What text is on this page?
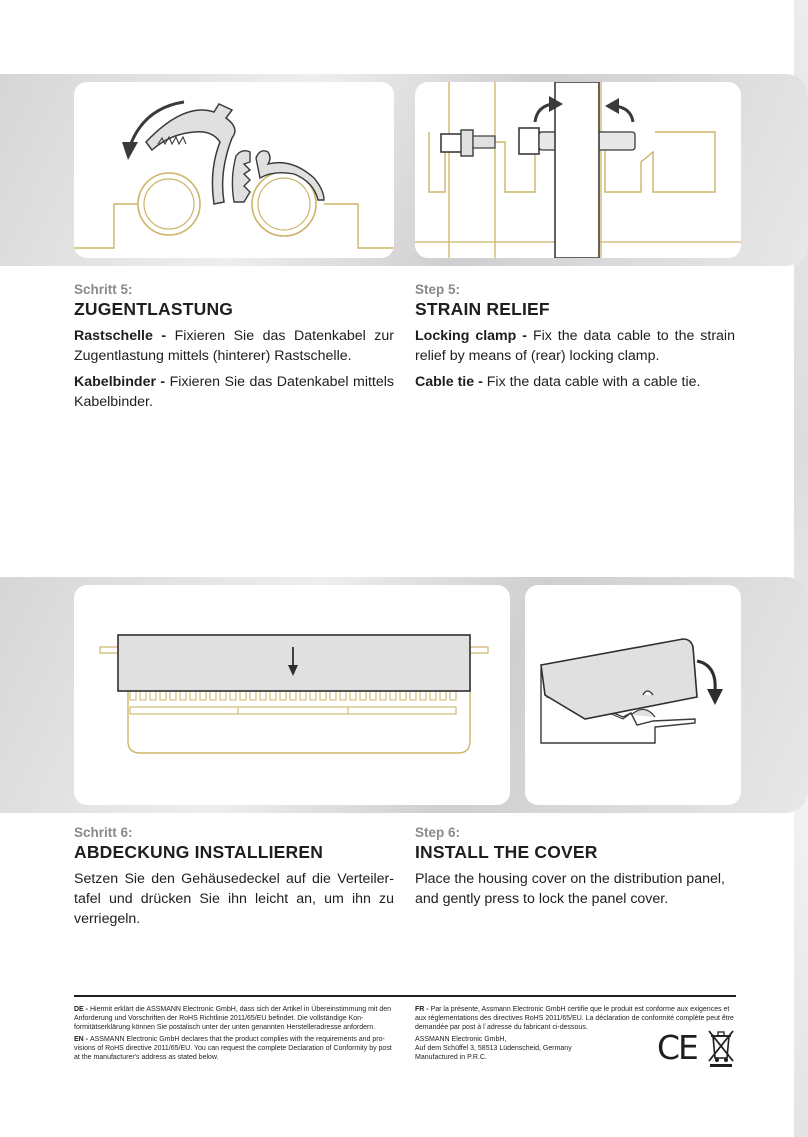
Schritt 5:
ZUGENTLASTUNG

Rastschelle - Fixieren Sie das Datenkabel zur Zugentlastung mittels (hinterer) Rastschelle.

Kabelbinder - Fixieren Sie das Datenkabel mittels Kabelbinder.

Step 5:
STRAIN RELIEF

Locking clamp - Fix the data cable to the strain relief by means of (rear) locking clamp.

Cable tie - Fix the data cable with a cable tie.

Schritt 6:
ABDECKUNG INSTALLIEREN

Setzen Sie den Gehäusedeckel auf die Verteilertafel und drücken Sie ihn leicht an, um ihn zu verriegeln.

Step 6:
INSTALL THE COVER

Place the housing cover on the distribution panel, and gently press to lock the panel cover.

DE - Hiermit erklärt die ASSMANN Electronic GmbH, dass sich der Artikel in Übereinstimmung mit den Anforderung und Vorschriften der RoHS Richtlinie 2011/65/EU befindet. Die vollständige Konformitätserklärung können Sie postalisch unter der unten genannten Herstelleradresse anfordern.

EN - ASSMANN Electronic GmbH declares that the product complies with the requirements and provisions of RoHS directive 2011/65/EU. You can request the complete Declaration of Conformity by post at the manufacturer's address as stated below.

FR - Par la présente, Assmann Electronic GmbH certifie que le produit est conforme aux exigences et aux réglementations des directives RoHS 2011/65/EU. La déclaration de conformité complète peut être demandée par post à l´adresse du fabricant ci-dessous.

ASSMANN Electronic GmbH,
Auf dem Schüffel 3, 58513 Lüdenscheid, Germany
Manufactured in P.R.C.	CE
